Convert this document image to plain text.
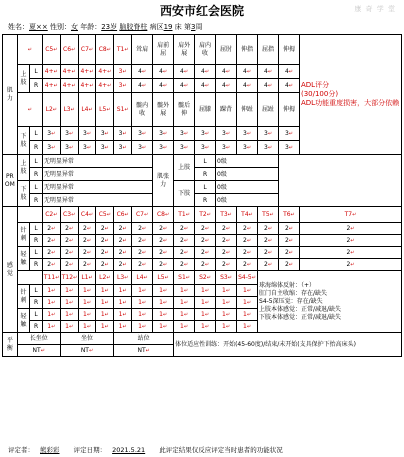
康 奇 学 堂
西安市红会医院
姓名：夏×× 性别：女 年龄：23岁 脑胶脊柱 病区19 床 第3周
肌力	↵		C5↵	C6↵	C7↵	C8↵	T1↵	耸肩	肩前屈	肩外展	肩内收	屈肘	伸指	屈指	伸拇	ADL评分
(30/100分)
ADL功能重度损害，大部分依赖

	上肢	L	4+↵	4+↵	4+↵	4+↵	3↵	4↵	4↵	4↵	4↵	4↵	4↵	4↵	4↵	
		R	4+↵	4+↵	4+↵	4+↵	3↵	4↵	4↵	4↵	4↵	4↵	4↵	4↵	4↵	
	↵		L2↵	L3↵	L4↵	L5↵	S1↵	髋内收	髋外展	髋后伸	屈膝	踝背	伸趾	屈趾	伸拇	
	下肢	L	3↵	3↵	3↵	3↵	3↵	3↵	3↵	3↵	3↵	3↵	3↵	3↵	3↵	
		R	3↵	3↵	3↵	3↵	3↵	3↵	3↵	3↵	3↵	3↵	3↵	3↵	3↵	
PROM	上肢	L	无明显异常						肌张力	上肢	L	0级				
		R	无明显异常								R	0级				
	下肢	L	无明显异常							下肢	L	0级				
		R	无明显异常								R	0级				
感觉			C2↵	C3↵	C4↵	C5↵	C6↵	C7↵	C8↵	T1↵	T2↵	T3↵	T4↵	T5↵	T6↵	T7↵
	针刺	L	2↵	2↵	2↵	2↵	2↵	2↵	2↵	2↵	2↵	2↵	2↵	2↵	2↵	2↵
		R	2↵	2↵	2↵	2↵	2↵	2↵	2↵	2↵	2↵	2↵	2↵	2↵	2↵	2↵
	轻触	L	2↵	2↵	2↵	2↵	2↵	2↵	2↵	2↵	2↵	2↵	2↵	2↵	2↵	2↵
		R	2↵	2↵	2↵	2↵	2↵	2↵	2↵	2↵	2↵	2↵	2↵	2↵	2↵	2↵
			T11↵	T12↵	L1↵	L2↵	L3↵	L4↵	L5↵	S1↵	S2↵	S3↵	S4-5↵	球海绵体反射：（+）
肛门自主收缩：存在/缺失
S4-5深压觉：存在/缺失
上肢本体感觉：正常/减退/缺失
下肢本体感觉：正常/减退/缺失		

	针刺	L	1↵	1↵	1↵	1↵	1↵	1↵	1↵	1↵	1↵	1↵	1↵			
		R	1↵	1↵	1↵	1↵	1↵	1↵	1↵	1↵	1↵	1↵	1↵			
	轻触	L	1↵	1↵	1↵	1↵	1↵	1↵	1↵	1↵	1↵	1↵	1↵			
		R	1↵	1↵	1↵	1↵	1↵	1↵	1↵	1↵	1↵	1↵	1↵			
平衡	长坐位			坐位			站位			体位适应性训练：开始(45-60度)/结束/未开始(支具保护下抬高床头)						
	NT↵			NT↵			NT↵									
评定者： 熊彩彩 评定日期： 2021.5.21 此评定结果仅反应评定当时患者的功能状况
